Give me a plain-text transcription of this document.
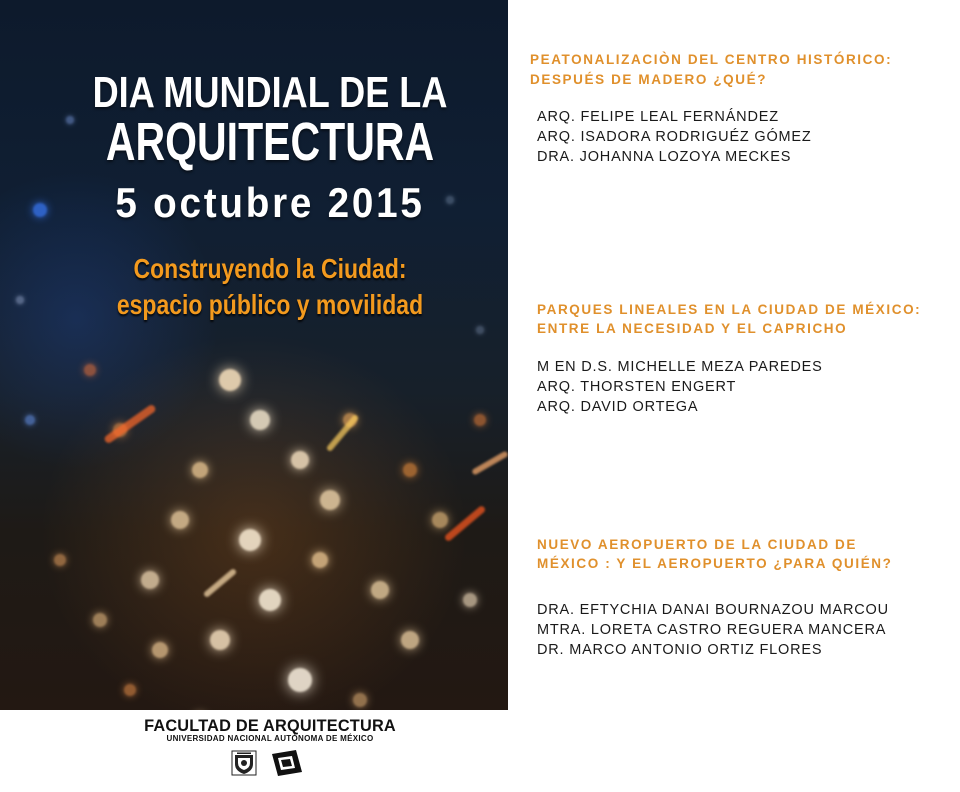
DIA MUNDIAL DE LA
ARQUITECTURA
5 octubre 2015
Construyendo la Ciudad:
espacio público y movilidad
FACULTAD DE ARQUITECTURA
UNIVERSIDAD NACIONAL AUTÓNOMA DE MÉXICO
PEATONALIZACIÒN DEL CENTRO HISTÓRICO:
DESPUÉS DE MADERO ¿QUÉ?
ARQ. FELIPE LEAL FERNÁNDEZ
ARQ. ISADORA RODRIGUÉZ GÓMEZ
DRA. JOHANNA LOZOYA MECKES
PARQUES LINEALES EN LA CIUDAD DE MÉXICO:
ENTRE LA NECESIDAD Y EL CAPRICHO
M EN D.S. MICHELLE MEZA PAREDES
ARQ. THORSTEN ENGERT
ARQ. DAVID ORTEGA
NUEVO AEROPUERTO DE LA CIUDAD DE
MÉXICO : Y EL AEROPUERTO ¿PARA QUIÉN?
DRA. EFTYCHIA DANAI BOURNAZOU MARCOU
MTRA. LORETA CASTRO REGUERA MANCERA
DR. MARCO ANTONIO ORTIZ FLORES
